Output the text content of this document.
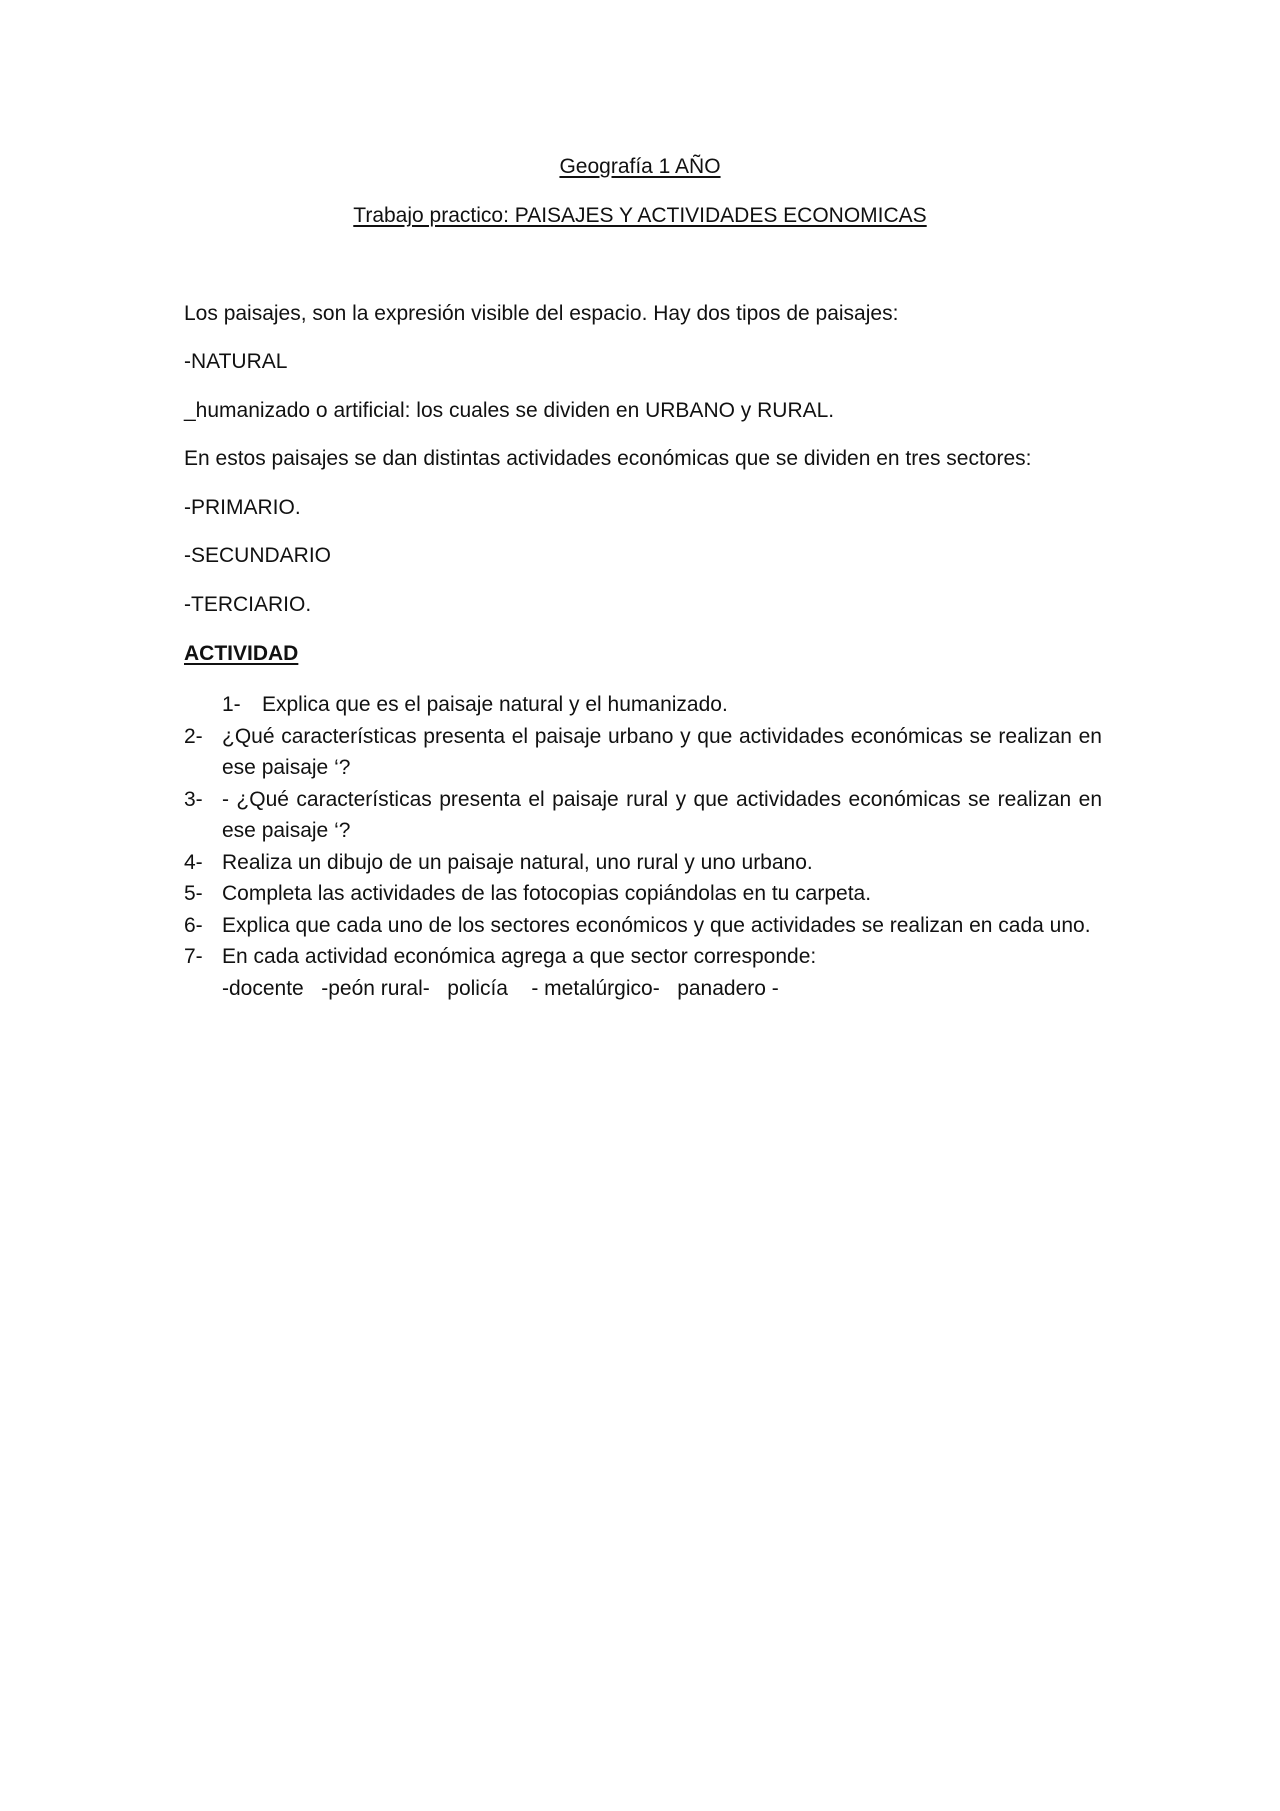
Geografía 1 AÑO
Trabajo practico: PAISAJES Y ACTIVIDADES ECONOMICAS
Los paisajes, son la expresión visible del espacio. Hay dos tipos de paisajes:
-NATURAL
_humanizado o artificial: los cuales se dividen en URBANO y RURAL.
En estos paisajes se dan distintas actividades económicas que se dividen en tres sectores:
-PRIMARIO.
-SECUNDARIO
-TERCIARIO.
ACTIVIDAD
1- Explica que es el paisaje natural y el humanizado.
2- ¿Qué características presenta el paisaje urbano y que actividades económicas se realizan en ese paisaje ‘?
3- - ¿Qué características presenta el paisaje rural y que actividades económicas se realizan en ese paisaje ‘?
4- Realiza un dibujo de un paisaje natural, uno rural y uno urbano.
5- Completa las actividades de las fotocopias copiándolas en tu carpeta.
6- Explica que cada uno de los sectores económicos y que actividades se realizan en cada uno.
7- En cada actividad económica agrega a que sector corresponde:
-docente   -peón rural-   policía    - metalúrgico-   panadero -
